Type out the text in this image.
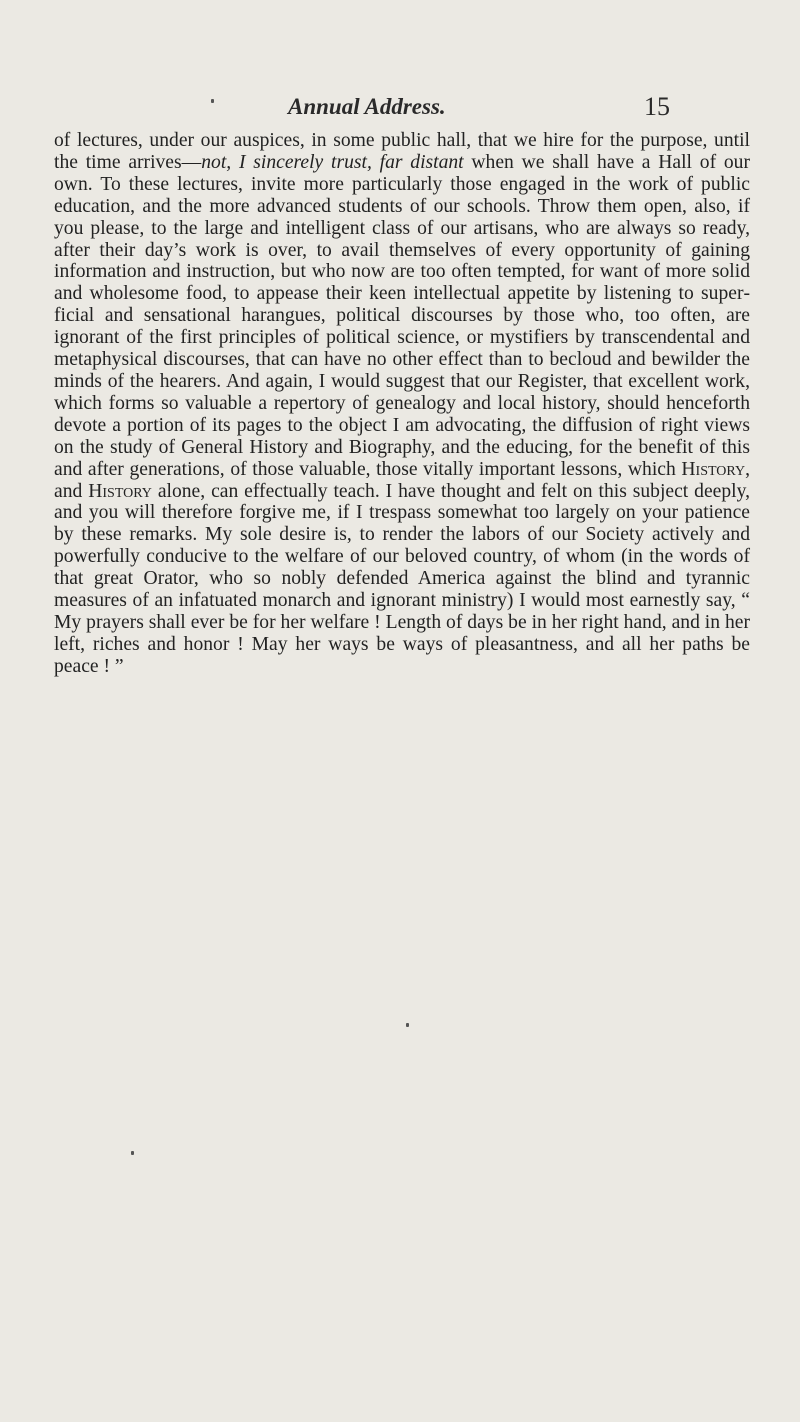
Annual Address.	15

of lectures, under our auspices, in some public hall, that we hire for the purpose, until the time arrives—not, I sincerely trust, far distant when we shall have a Hall of our own. To these lectures, invite more particularly those engaged in the work of public education, and the more advanced students of our schools. Throw them open, also, if you please, to the large and intelligent class of our artisans, who are always so ready, after their day’s work is over, to avail themselves of every opportunity of gaining information and instruction, but who now are too often tempted, for want of more solid and wholesome food, to appease their keen intellectual appetite by listening to superficial and sensational harangues, political discourses by those who, too often, are ignorant of the first principles of political science, or mystifiers by transcendental and metaphysical discourses, that can have no other effect than to becloud and bewilder the minds of the hearers. And again, I would suggest that our Register, that excellent work, which forms so valuable a repertory of genealogy and local history, should henceforth devote a portion of its pages to the object I am advocating, the diffusion of right views on the study of General History and Biography, and the educing, for the benefit of this and after generations, of those valuable, those vitally important lessons, which History, and History alone, can effectually teach. I have thought and felt on this subject deeply, and you will therefore forgive me, if I trespass somewhat too largely on your patience by these remarks. My sole desire is, to render the labors of our Society actively and powerfully conducive to the welfare of our beloved country, of whom (in the words of that great Orator, who so nobly defended America against the blind and tyrannic measures of an infatuated monarch and ignorant ministry) I would most earnestly say, “ My prayers shall ever be for her welfare ! Length of days be in her right hand, and in her left, riches and honor ! May her ways be ways of pleasantness, and all her paths be peace ! ”
